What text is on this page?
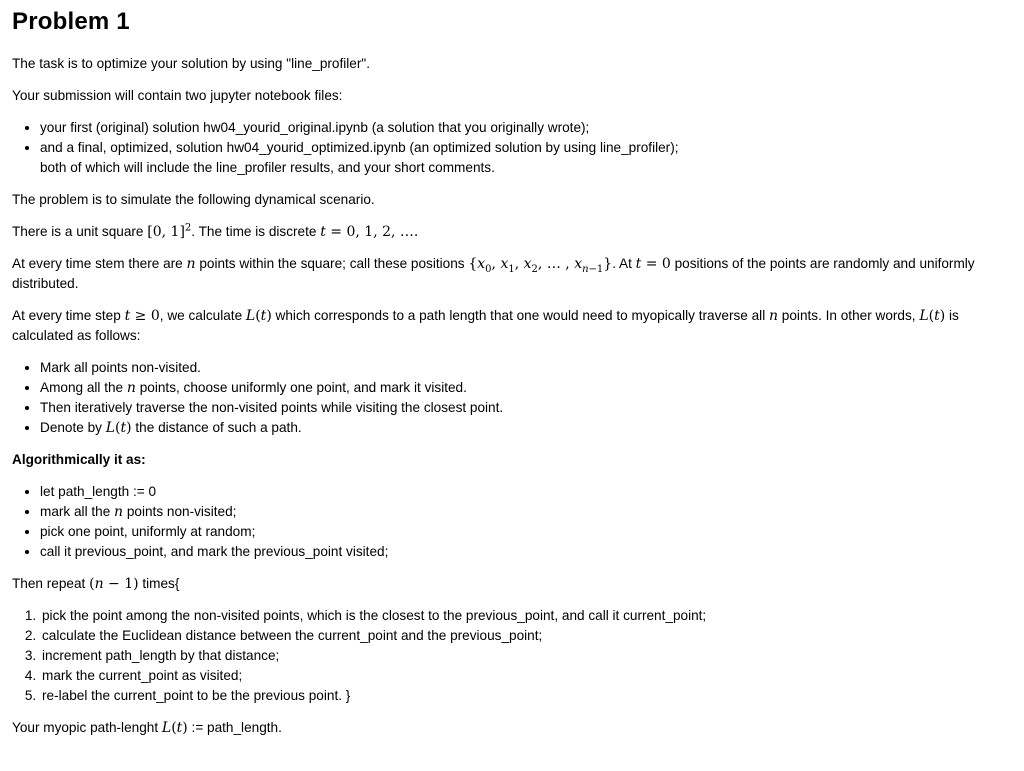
Problem 1

The task is to optimize your solution by using "line_profiler".

Your submission will contain two jupyter notebook files:

• your first (original) solution hw04_yourid_original.ipynb (a solution that you originally wrote);
• and a final, optimized, solution hw04_yourid_optimized.ipynb (an optimized solution by using line_profiler);
both of which will include the line_profiler results, and your short comments.

The problem is to simulate the following dynamical scenario.

There is a unit square [0, 1]$^2$. The time is discrete t = 0, 1, 2, ….

At every time stem there are n points within the square; call these positions {$x_0$, $x_1$, $x_2$, … , $x_{n-1}$}. At t = 0 positions of the points are randomly and uniformly distributed.

At every time step t ≥ 0, we calculate L(t) which corresponds to a path length that one would need to myopically traverse all n points. In other words, L(t) is calculated as follows:

• Mark all points non-visited.
• Among all the n points, choose uniformly one point, and mark it visited.
• Then iteratively traverse the non-visited points while visiting the closest point.
• Denote by L(t) the distance of such a path.

Algorithmically it as:

• let path_length := 0
• mark all the n points non-visited;
• pick one point, uniformly at random;
• call it previous_point, and mark the previous_point visited;

Then repeat (n − 1) times{

1. pick the point among the non-visited points, which is the closest to the previous_point, and call it current_point;
2. calculate the Euclidean distance between the current_point and the previous_point;
3. increment path_length by that distance;
4. mark the current_point as visited;
5. re-label the current_point to be the previous point. }

Your myopic path-lenght L(t) := path_length.
